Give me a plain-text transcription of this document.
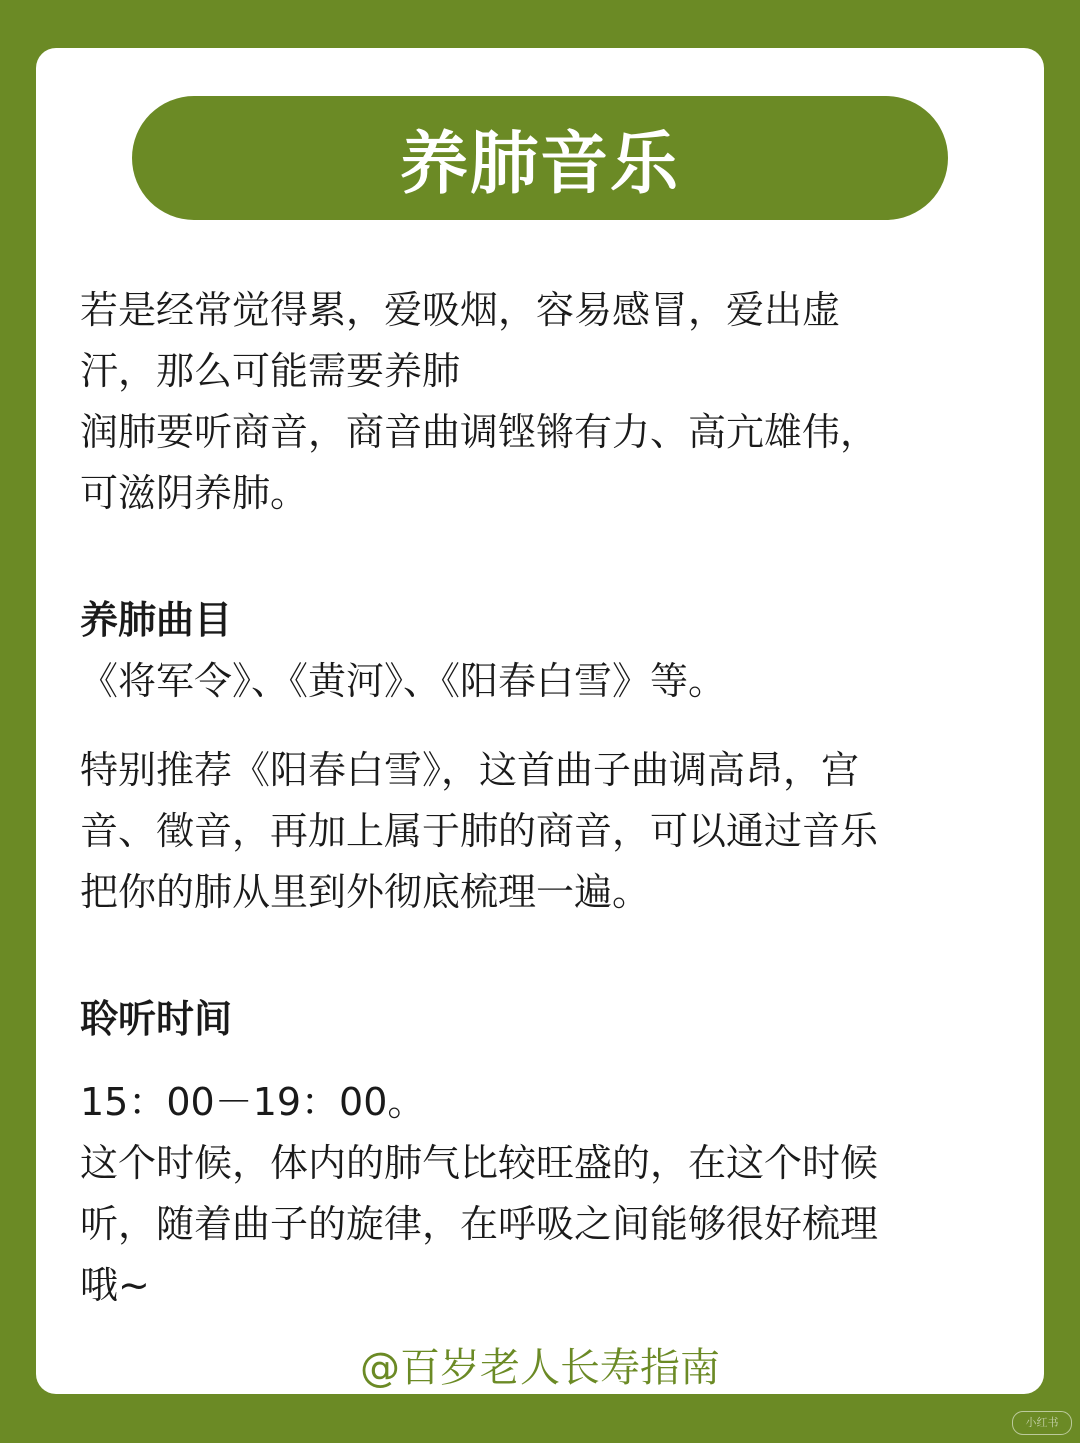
养肺音乐

若是经常觉得累，爱吸烟，容易感冒，爱出虚

汗，那么可能需要养肺

润肺要听商音，商音曲调铿锵有力、高亢雄伟，

可滋阴养肺。

养肺曲目

《将军令》、《黄河》、《阳春白雪》等。

特别推荐《阳春白雪》，这首曲子曲调高昂，宫

音、徵音，再加上属于肺的商音，可以通过音乐

把你的肺从里到外彻底梳理一遍。

聆听时间

15：00－19：00。

这个时候，体内的肺气比较旺盛的，在这个时候

听，随着曲子的旋律，在呼吸之间能够很好梳理

哦~

@百岁老人长寿指南
小红书
